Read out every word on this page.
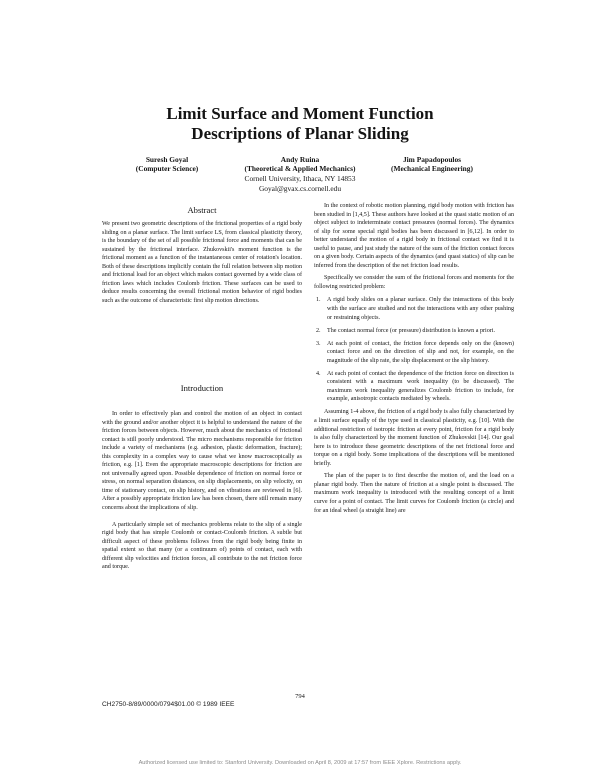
Limit Surface and Moment Function
Descriptions of Planar Sliding
Suresh Goyal
(Computer Science)
Andy Ruina
(Theoretical & Applied Mechanics)
Jim Papadopoulos
(Mechanical Engineering)
Cornell University, Ithaca, NY 14853
Goyal@gvax.cs.cornell.edu
Abstract

We present two geometric descriptions of the frictional properties of a rigid body sliding on a planar surface. The limit surface LS, from classical plasticity theory, is the boundary of the set of all possible frictional force and moments that can be sustained by the frictional interface. Zhukovskii's moment function is the frictional moment as a function of the instantaneous center of rotation's location. Both of these descriptions implicitly contain the full relation between slip motion and frictional load for an object which makes contact governed by a wide class of friction laws which includes Coulomb friction. These surfaces can be used to deduce results concerning the overall frictional motion behavior of rigid bodies such as the outcome of characteristic first slip motion directions.

Introduction

In order to effectively plan and control the motion of an object in contact with the ground and/or another object it is helpful to understand the nature of the friction forces between objects. However, much about the mechanics of frictional contact is still poorly understood. The micro mechanisms responsible for friction include a variety of mechanisms (e.g. adhesion, plastic deformation, fracture); this complexity in a complex way to cause what we know macroscopically as friction, e.g. [1]. Even the appropriate macroscopic descriptions for friction are not universally agreed upon. Possible dependence of friction on normal force or stress, on normal separation distances, on slip displacements, on slip velocity, on time of stationary contact, on slip history, and on vibrations are reviewed in [6]. After a possibly appropriate friction law has been chosen, there still remain many concerns about the implications of slip.

A particularly simple set of mechanics problems relate to the slip of a single rigid body that has simple Coulomb or contact-Coulomb friction. A subtle but difficult aspect of these problems follows from the rigid body being finite in spatial extent so that many (or a continuum of) points of contact, each with different slip velocities and friction forces, all contribute to the net friction force and torque.

In the context of robotic motion planning, rigid body motion with friction has been studied in [1,4,5]. These authors have looked at the quasi static motion of an object subject to indeterminate contact pressures (normal forces). The dynamics of slip for some special rigid bodies has been discussed in [6,12]. In order to better understand the motion of a rigid body in frictional contact we find it is useful to pause, and just study the nature of the sum of the friction contact forces on a given body. Certain aspects of the dynamics (and quasi statics) of slip can be inferred from the description of the net friction load results.

Specifically we consider the sum of the frictional forces and moments for the following restricted problem:

1. A rigid body slides on a planar surface. Only the interactions of this body with the surface are studied and not the interactions with any other pushing or restraining objects.
2. The contact normal force (or pressure) distribution is known a priori.
3. At each point of contact, the friction force depends only on the (known) contact force and on the direction of slip and not, for example, on the magnitude of the slip rate, the slip displacement or the slip history.
4. At each point of contact the dependence of the friction force on direction is consistent with a maximum work inequality (to be discussed). The maximum work inequality generalizes Coulomb friction to include, for example, anisotropic contacts mediated by wheels.

Assuming 1-4 above, the friction of a rigid body is also fully characterized by a limit surface equally of the type used in classical plasticity, e.g. [10]. With the additional restriction of isotropic friction at every point, friction for a rigid body is also fully characterized by the moment function of Zhukovskii [14]. Our goal here is to introduce these geometric descriptions of the net frictional force and torque on a rigid body. Some implications of the descriptions will be mentioned briefly.

The plan of the paper is to first describe the motion of, and the load on a planar rigid body. Then the nature of friction at a single point is discussed. The maximum work inequality is introduced with the resulting concept of a limit curve for a point of contact. The limit curves for Coulomb friction (a circle) and for an ideal wheel (a straight line) are

794
CH2750-8/89/0000/0794$01.00 © 1989 IEEE
Authorized licensed use limited to: Stanford University. Downloaded on April 8, 2009 at 17:57 from IEEE Xplore. Restrictions apply.
